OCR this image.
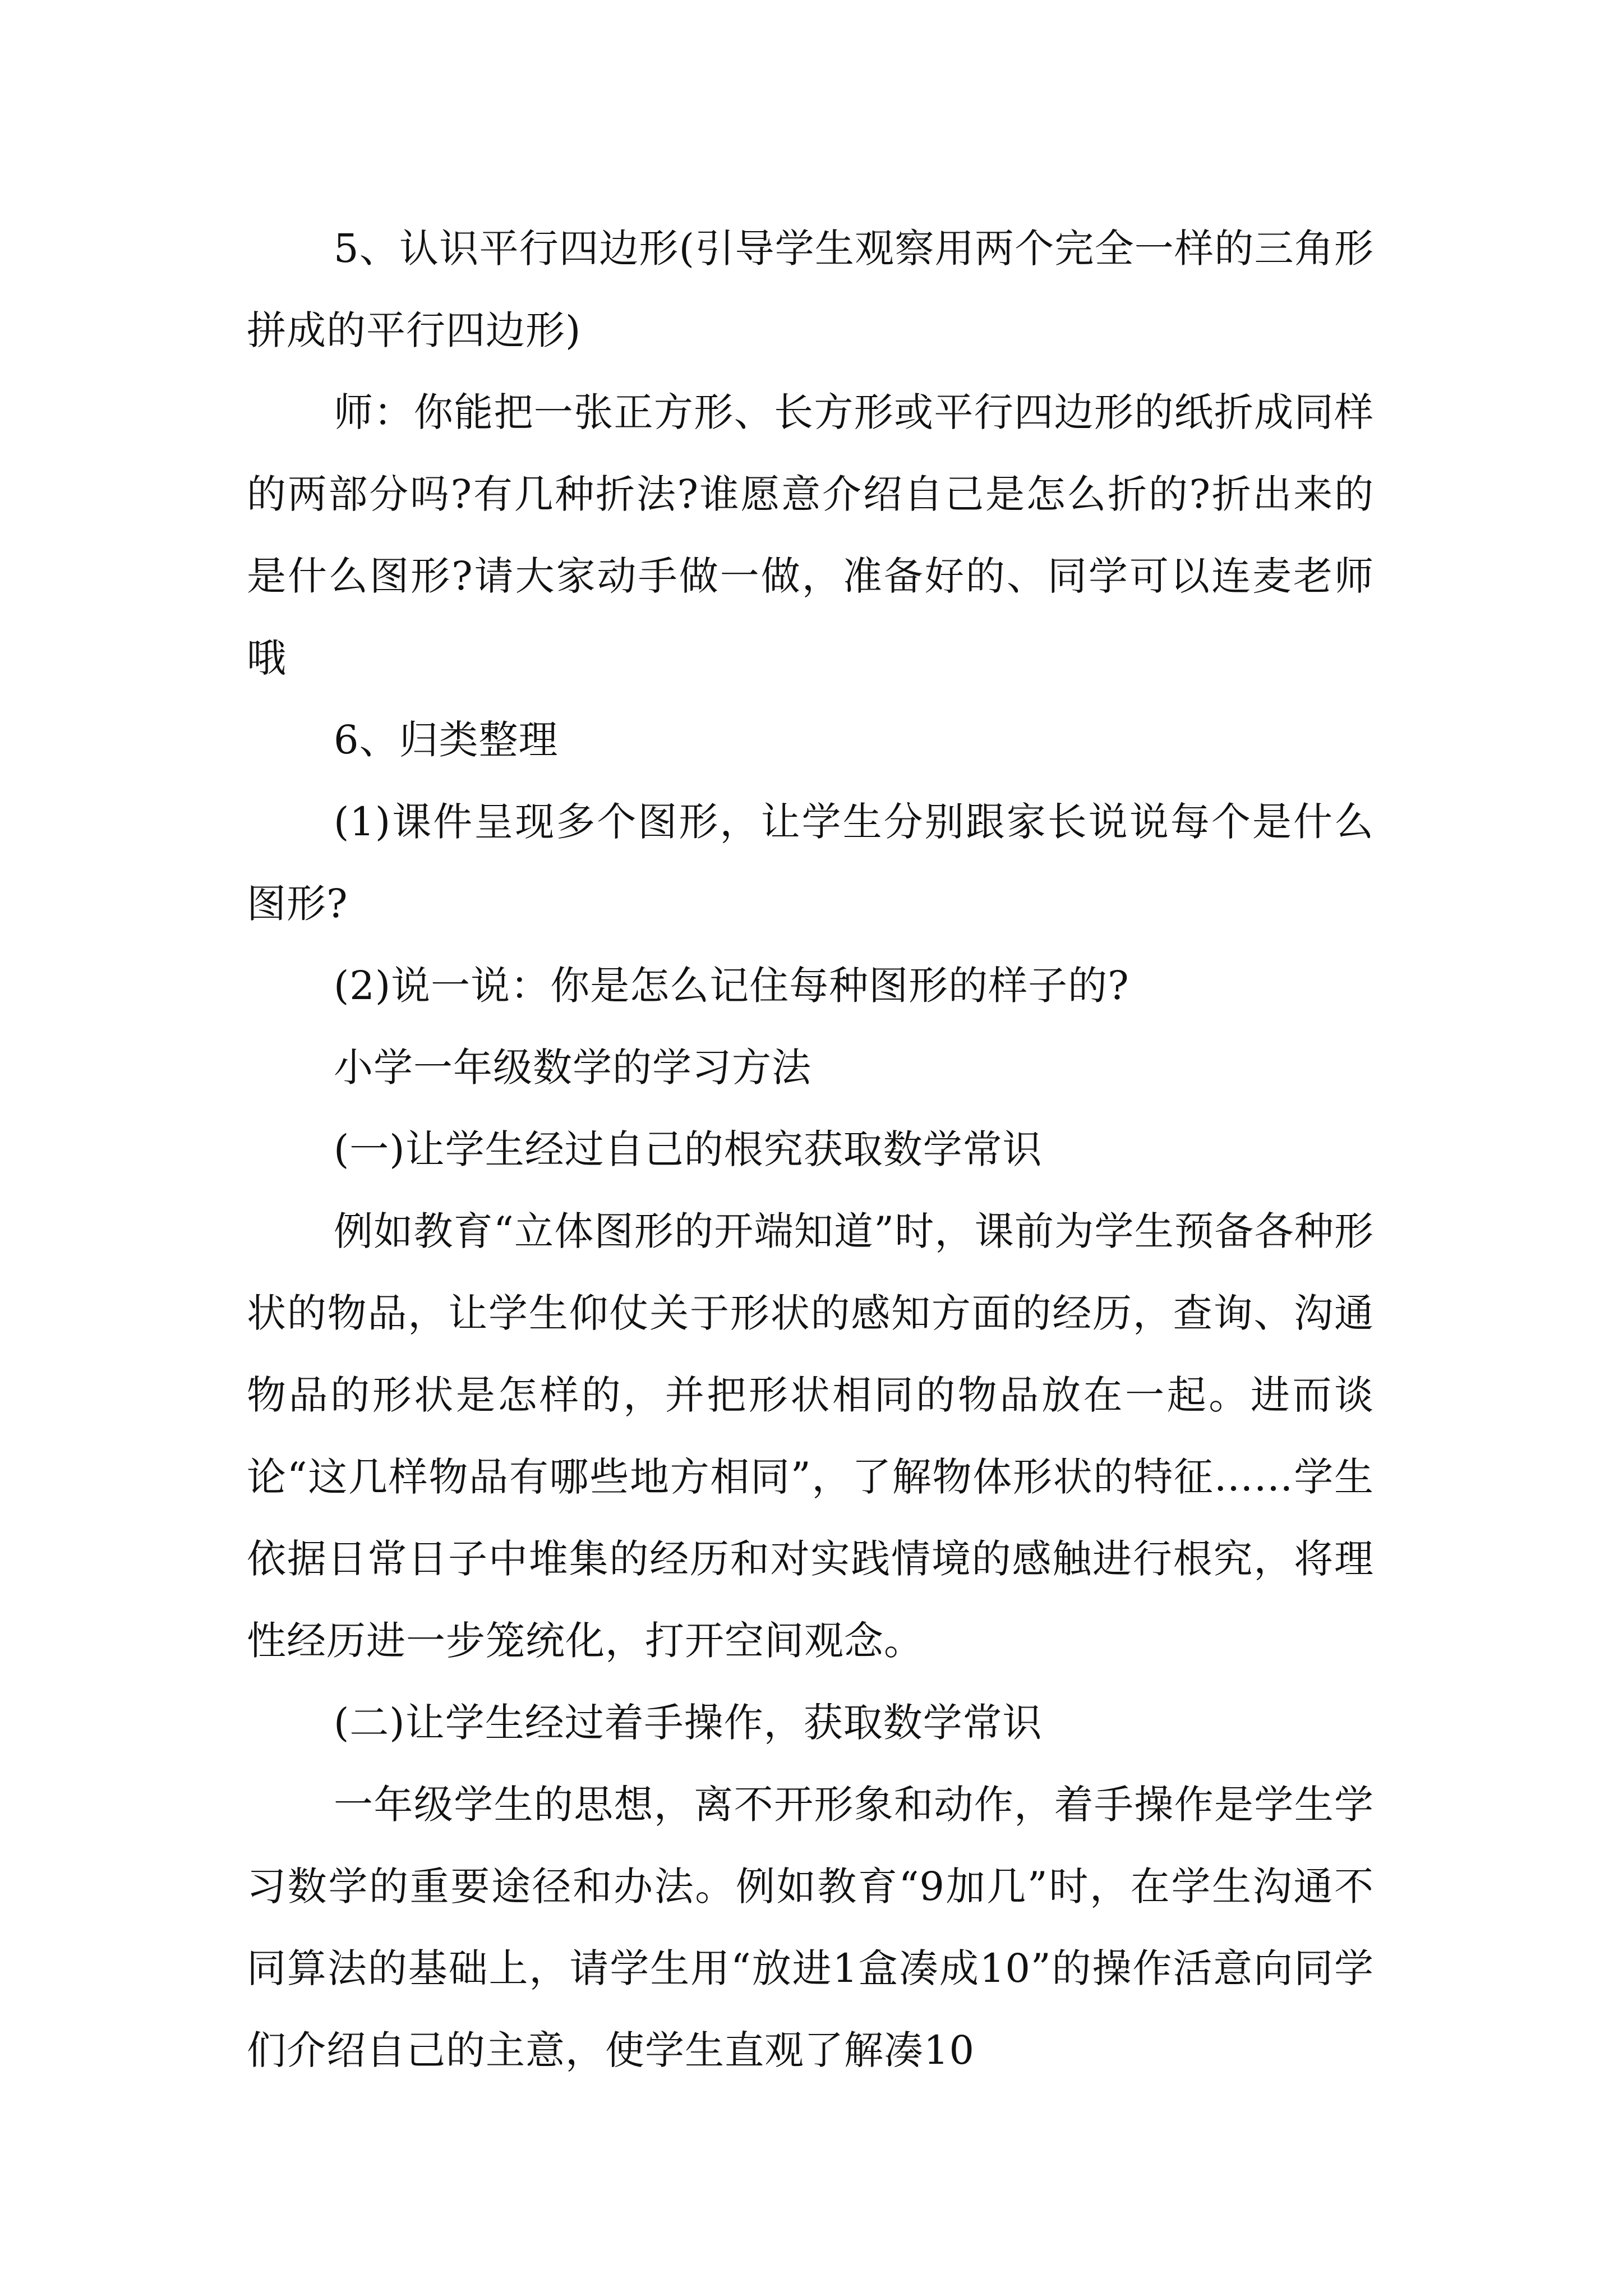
5、认识平行四边形(引导学生观察用两个完全一样的三角形拼成的平行四边形)

师：你能把一张正方形、长方形或平行四边形的纸折成同样的两部分吗?有几种折法?谁愿意介绍自己是怎么折的?折出来的是什么图形?请大家动手做一做，准备好的、同学可以连麦老师哦

6、归类整理

(1)课件呈现多个图形，让学生分别跟家长说说每个是什么图形?

(2)说一说：你是怎么记住每种图形的样子的?

小学一年级数学的学习方法

(一)让学生经过自己的根究获取数学常识

例如教育“立体图形的开端知道”时，课前为学生预备各种形状的物品，让学生仰仗关于形状的感知方面的经历，查询、沟通物品的形状是怎样的，并把形状相同的物品放在一起。进而谈论“这几样物品有哪些地方相同”，了解物体形状的特征……学生依据日常日子中堆集的经历和对实践情境的感触进行根究，将理性经历进一步笼统化，打开空间观念。

(二)让学生经过着手操作，获取数学常识

一年级学生的思想，离不开形象和动作，着手操作是学生学习数学的重要途径和办法。例如教育“9加几”时，在学生沟通不同算法的基础上，请学生用“放进1盒凑成10”的操作活意向同学们介绍自己的主意，使学生直观了解凑10
